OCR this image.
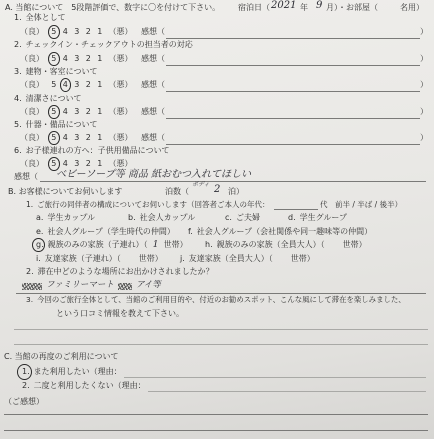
A. 当館について　5段階評価で、数字に〇を付けて下さい。 宿泊日（ 2021 年 9 月）・お部屋（	名用）
1. 全体として
（良） 5 4 3 2 1 （悪） 感想（	）
2. チェックイン・チェックアウトの担当者の対応
（良） 5 4 3 2 1 （悪） 感想（	）
3. 建物・客室について
（良） 5 4 3 2 1 （悪） 感想（	）
4. 清潔さについて
（良） 5 4 3 2 1 （悪） 感想（	）
5. 什器・備品について
（良） 5 4 3 2 1 （悪） 感想（	）
6. お子様連れの方へ：子供用備品について
（良） 5 4 3 2 1 （悪）
感想（ ベビーソープ等 商品 紙おむつ入れてほしい
ボディ
B. お客様についてお伺いします	泊数（	2 泊）
1. ご旅行の同伴者の構成についてお伺いします（回答者ご本人の年代：	代　前半 / 半ば / 後半）
a. 学生カップル	b. 社会人カップル	c. ご夫婦	d. 学生グループ
e. 社会人グループ（学生時代の仲間） f. 社会人グループ（会社関係や同一趣味等の仲間）
g. 親族のみの家族（子連れ）（ 1 世帯） h. 親族のみの家族（全員大人）（ 世帯）
i. 友達家族（子連れ）（ 世帯） j. 友達家族（全員大人）（ 世帯）
2. 滞在中どのような場所にお出かけされましたか？
ファミリーマート	アイ等
3. 今回のご旅行全体として、当館のご利用目的や、付近のお勧めスポット、こんな風にして滞在を楽しみました、
という口コミ情報を教えて下さい。
C. 当館の再度のご利用について
1. また利用したい（理由：
2. 二度と利用したくない（理由：
（ご感想）
